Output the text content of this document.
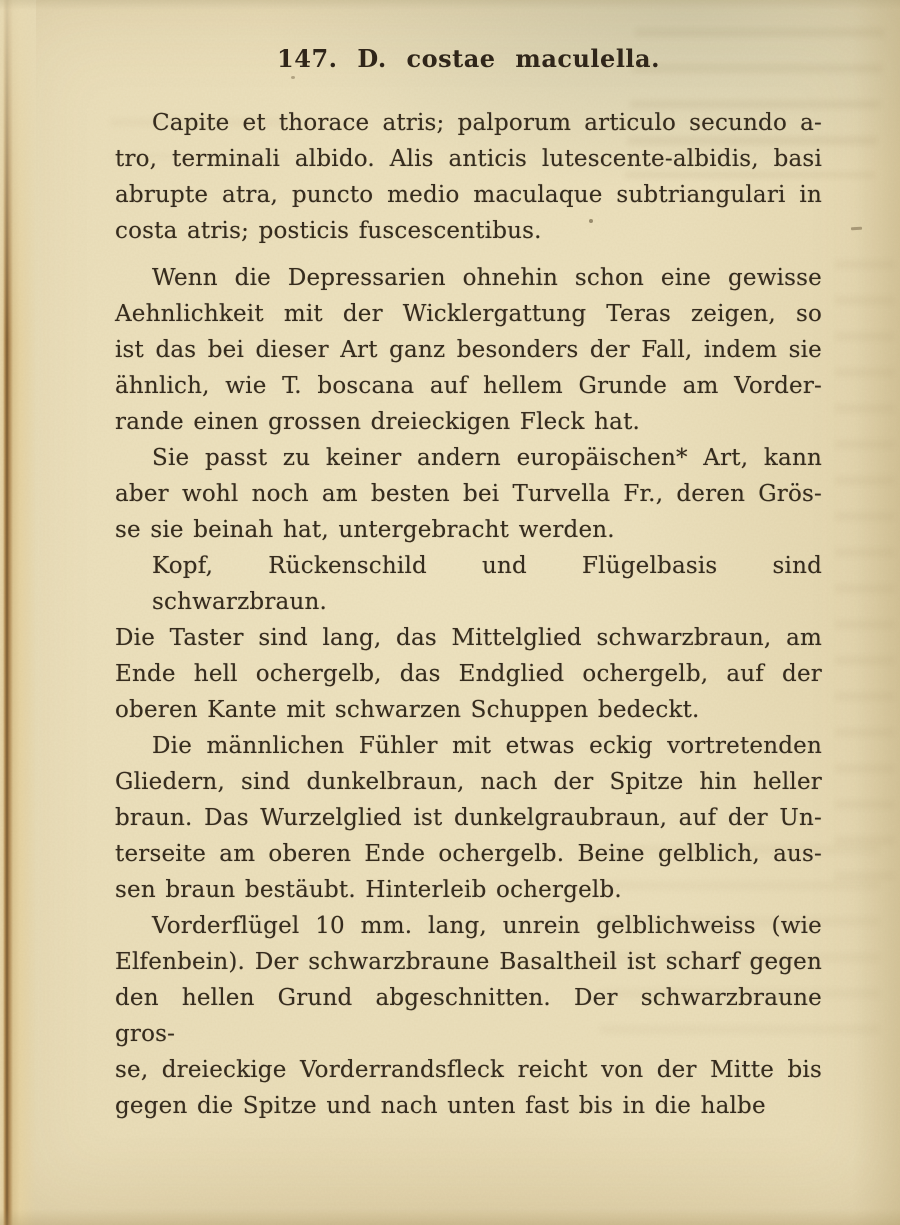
147. D. costae maculella.
Capite et thorace atris; palporum articulo secundo a-
tro, terminali albido. Alis anticis lutescente-albidis, basi
abrupte atra, puncto medio maculaque subtriangulari in
costa atris; posticis fuscescentibus.
Wenn die Depressarien ohnehin schon eine gewisse
Aehnlichkeit mit der Wicklergattung Teras zeigen, so
ist das bei dieser Art ganz besonders der Fall, indem sie
ähnlich, wie T. boscana auf hellem Grunde am Vorder-
rande einen grossen dreieckigen Fleck hat.
Sie passt zu keiner andern europäischen* Art, kann
aber wohl noch am besten bei Turvella Fr., deren Grös-
se sie beinah hat, untergebracht werden.
Kopf, Rückenschild und Flügelbasis sind schwarzbraun.
Die Taster sind lang, das Mittelglied schwarzbraun, am
Ende hell ochergelb, das Endglied ochergelb, auf der
oberen Kante mit schwarzen Schuppen bedeckt.
Die männlichen Fühler mit etwas eckig vortretenden
Gliedern, sind dunkelbraun, nach der Spitze hin heller
braun. Das Wurzelglied ist dunkelgraubraun, auf der Un-
terseite am oberen Ende ochergelb. Beine gelblich, aus-
sen braun bestäubt. Hinterleib ochergelb.
Vorderflügel 10 mm. lang, unrein gelblichweiss (wie
Elfenbein). Der schwarzbraune Basaltheil ist scharf gegen
den hellen Grund abgeschnitten. Der schwarzbraune gros-
se, dreieckige Vorderrandsfleck reicht von der Mitte bis
gegen die Spitze und nach unten fast bis in die halbe
